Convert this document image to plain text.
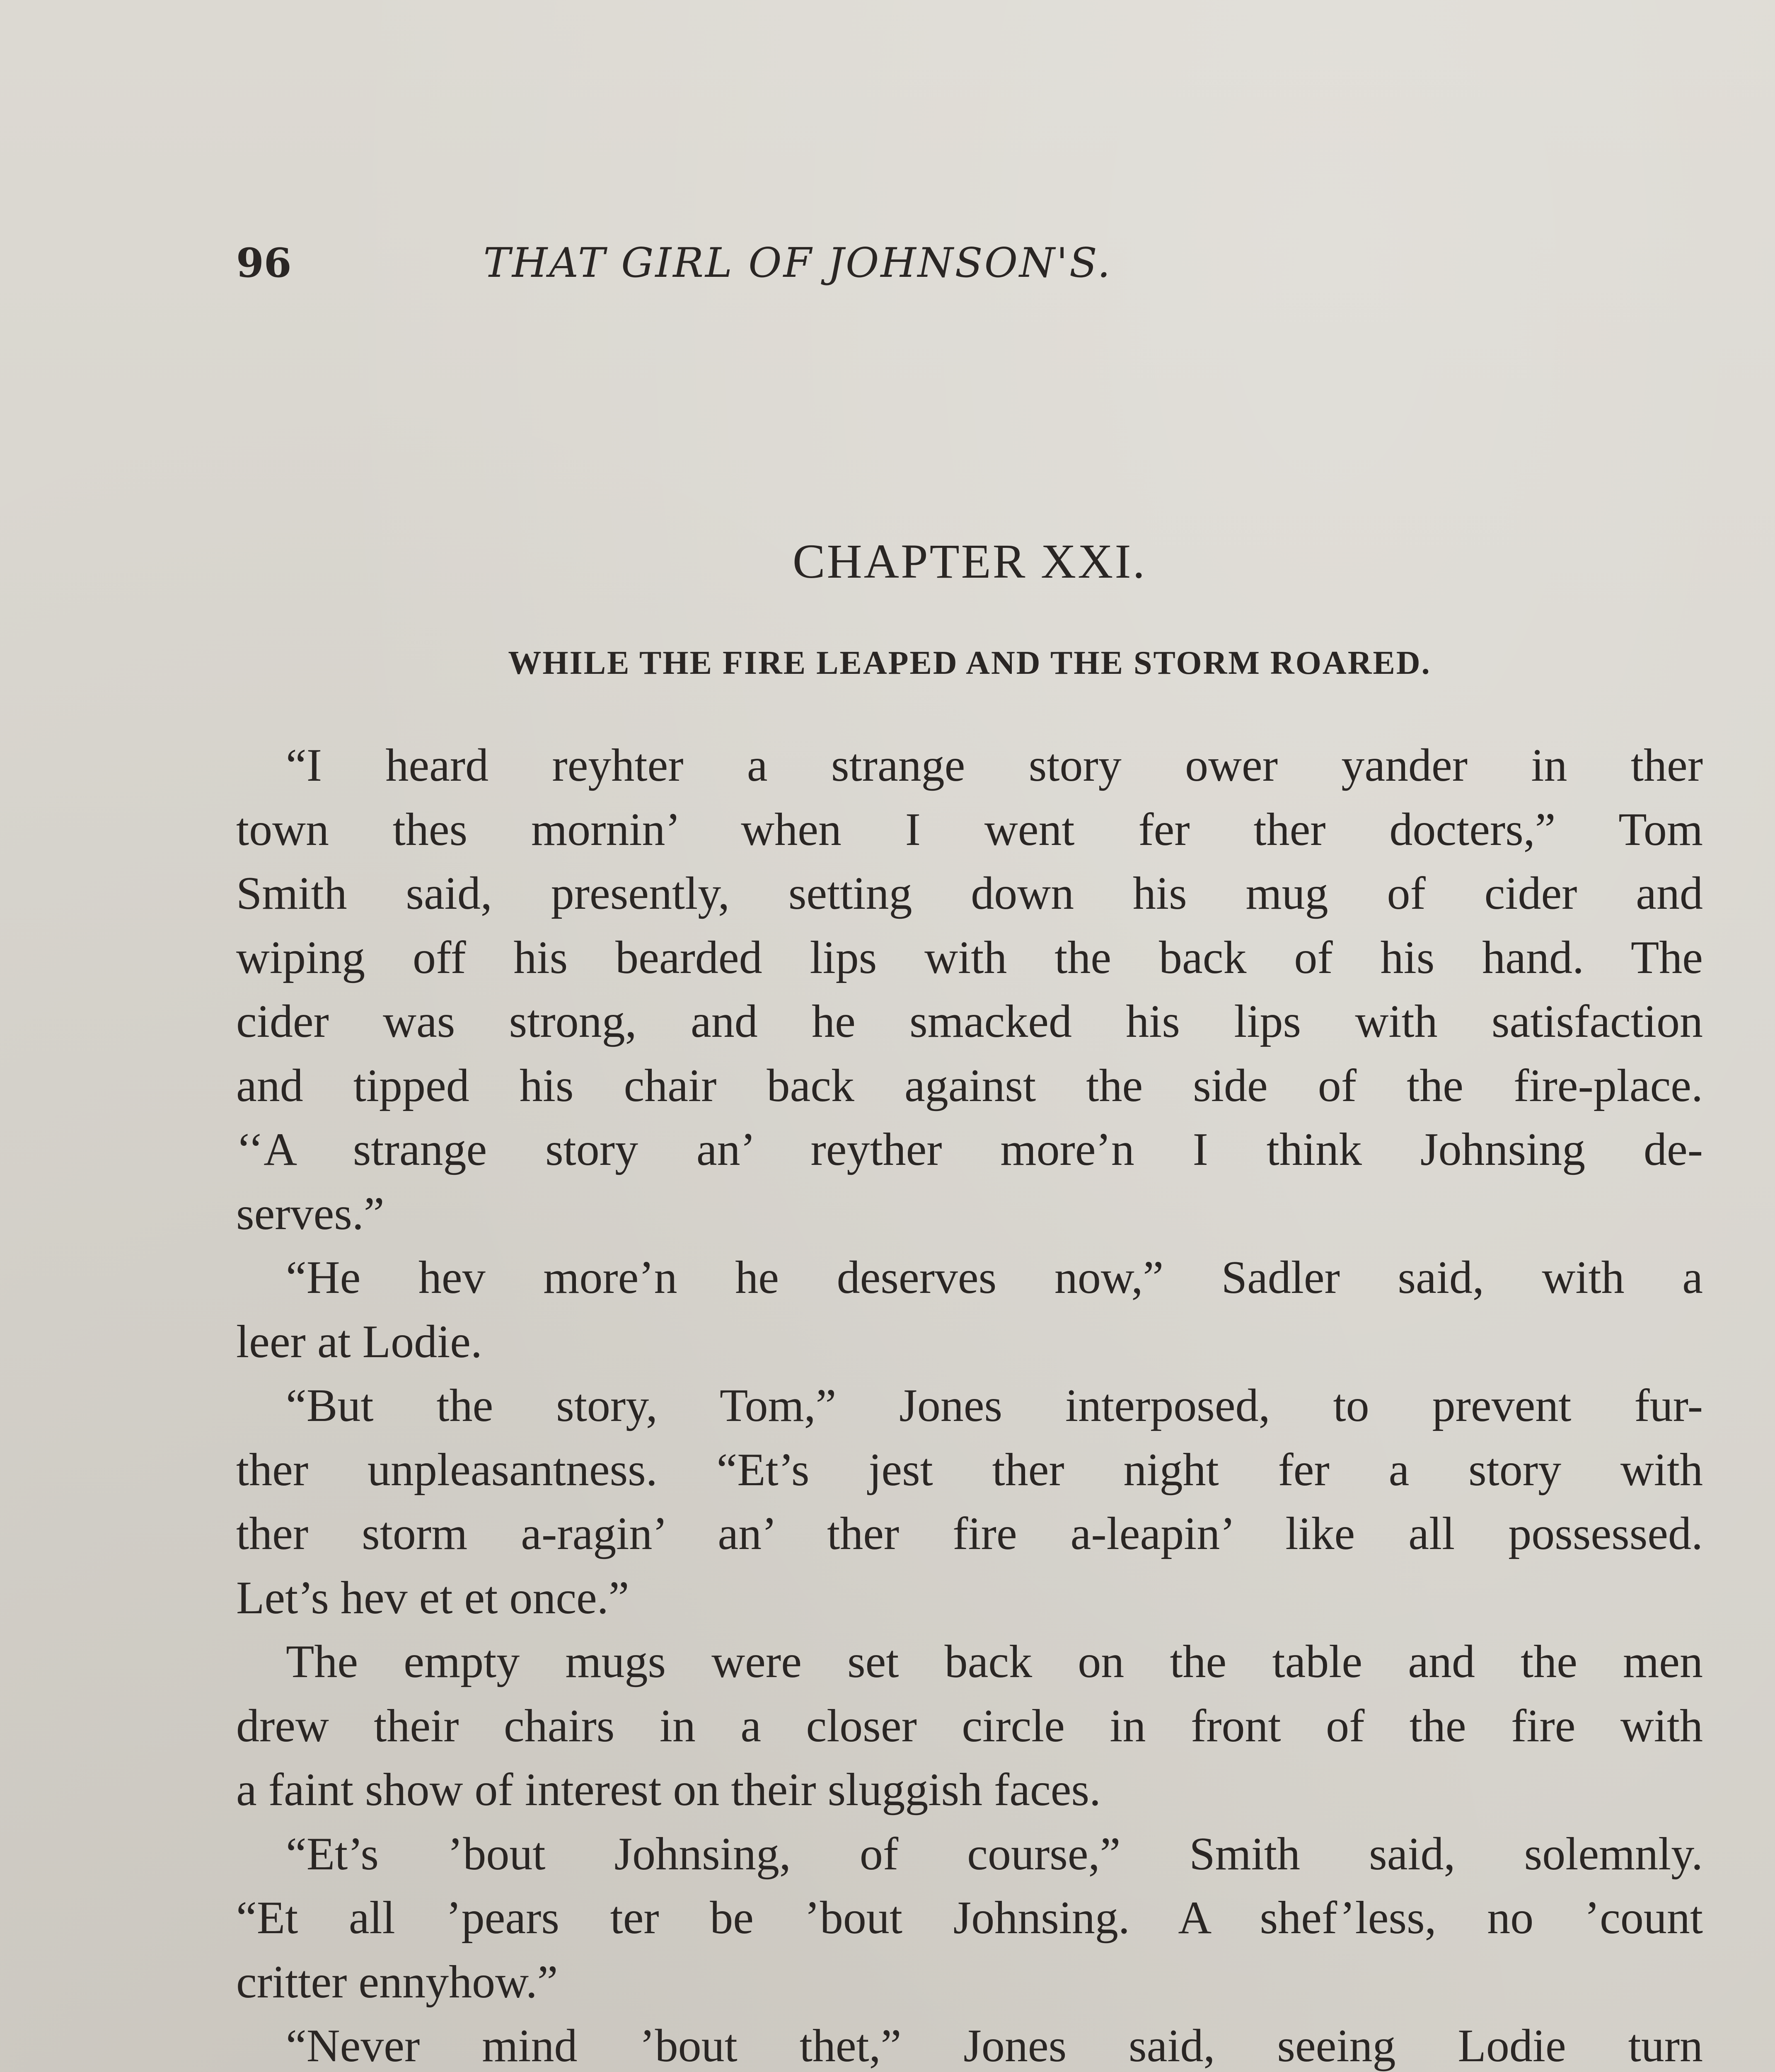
96	THAT GIRL OF JOHNSON'S.
CHAPTER XXI.
WHILE THE FIRE LEAPED AND THE STORM ROARED.
“I heard reyhter a strange story ower yander in ther
town thes mornin’ when I went fer ther docters,” Tom
Smith said, presently, setting down his mug of cider and
wiping off his bearded lips with the back of his hand. The
cider was strong, and he smacked his lips with satisfaction
and tipped his chair back against the side of the fire-place.
‘‘A strange story an’ reyther more’n I think Johnsing de-
serves.”
“He hev more’n he deserves now,” Sadler said, with a
leer at Lodie.
“But the story, Tom,” Jones interposed, to prevent fur-
ther unpleasantness. “Et’s jest ther night fer a story with
ther storm a-ragin’ an’ ther fire a-leapin’ like all possessed.
Let’s hev et et once.”
The empty mugs were set back on the table and the men
drew their chairs in a closer circle in front of the fire with
a faint show of interest on their sluggish faces.
“Et’s ’bout Johnsing, of course,” Smith said, solemnly.
“Et all ’pears ter be ’bout Johnsing. A shef’less, no ’count
critter ennyhow.”
“Never mind ’bout thet,” Jones said, seeing Lodie turn
